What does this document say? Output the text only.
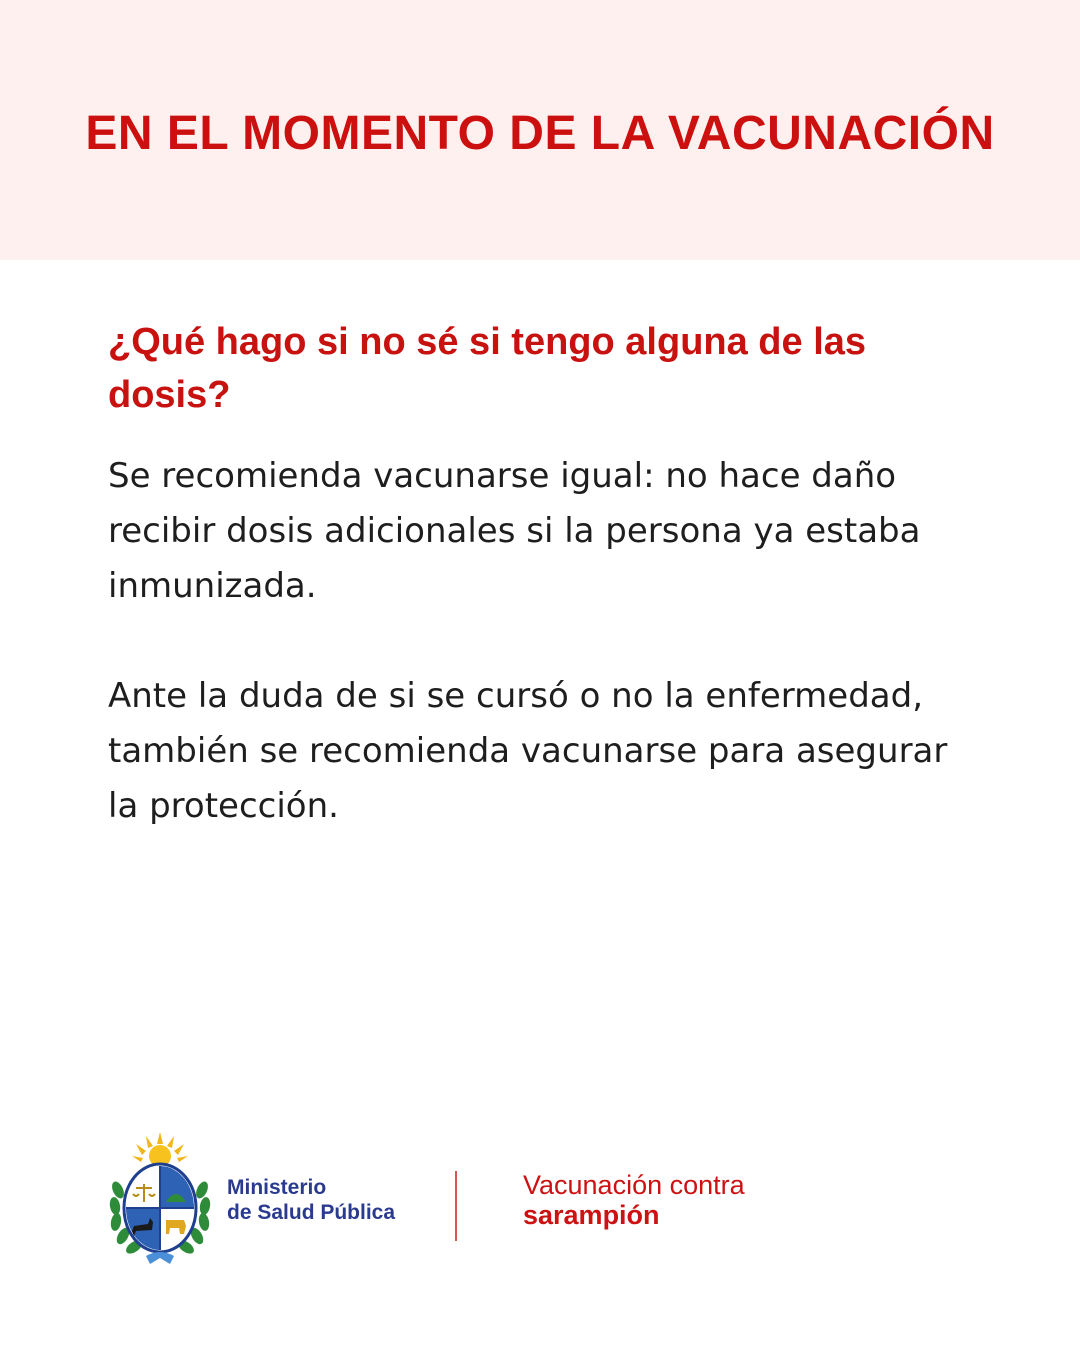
EN EL MOMENTO DE LA VACUNACIÓN
¿Qué hago si no sé si tengo alguna de las dosis?
Se recomienda vacunarse igual: no hace daño recibir dosis adicionales si la persona ya estaba inmunizada.
Ante la duda de si se cursó o no la enfermedad, también se recomienda vacunarse para asegurar la protección.
Ministerio
de Salud Pública
Vacunación contra
sarampión
